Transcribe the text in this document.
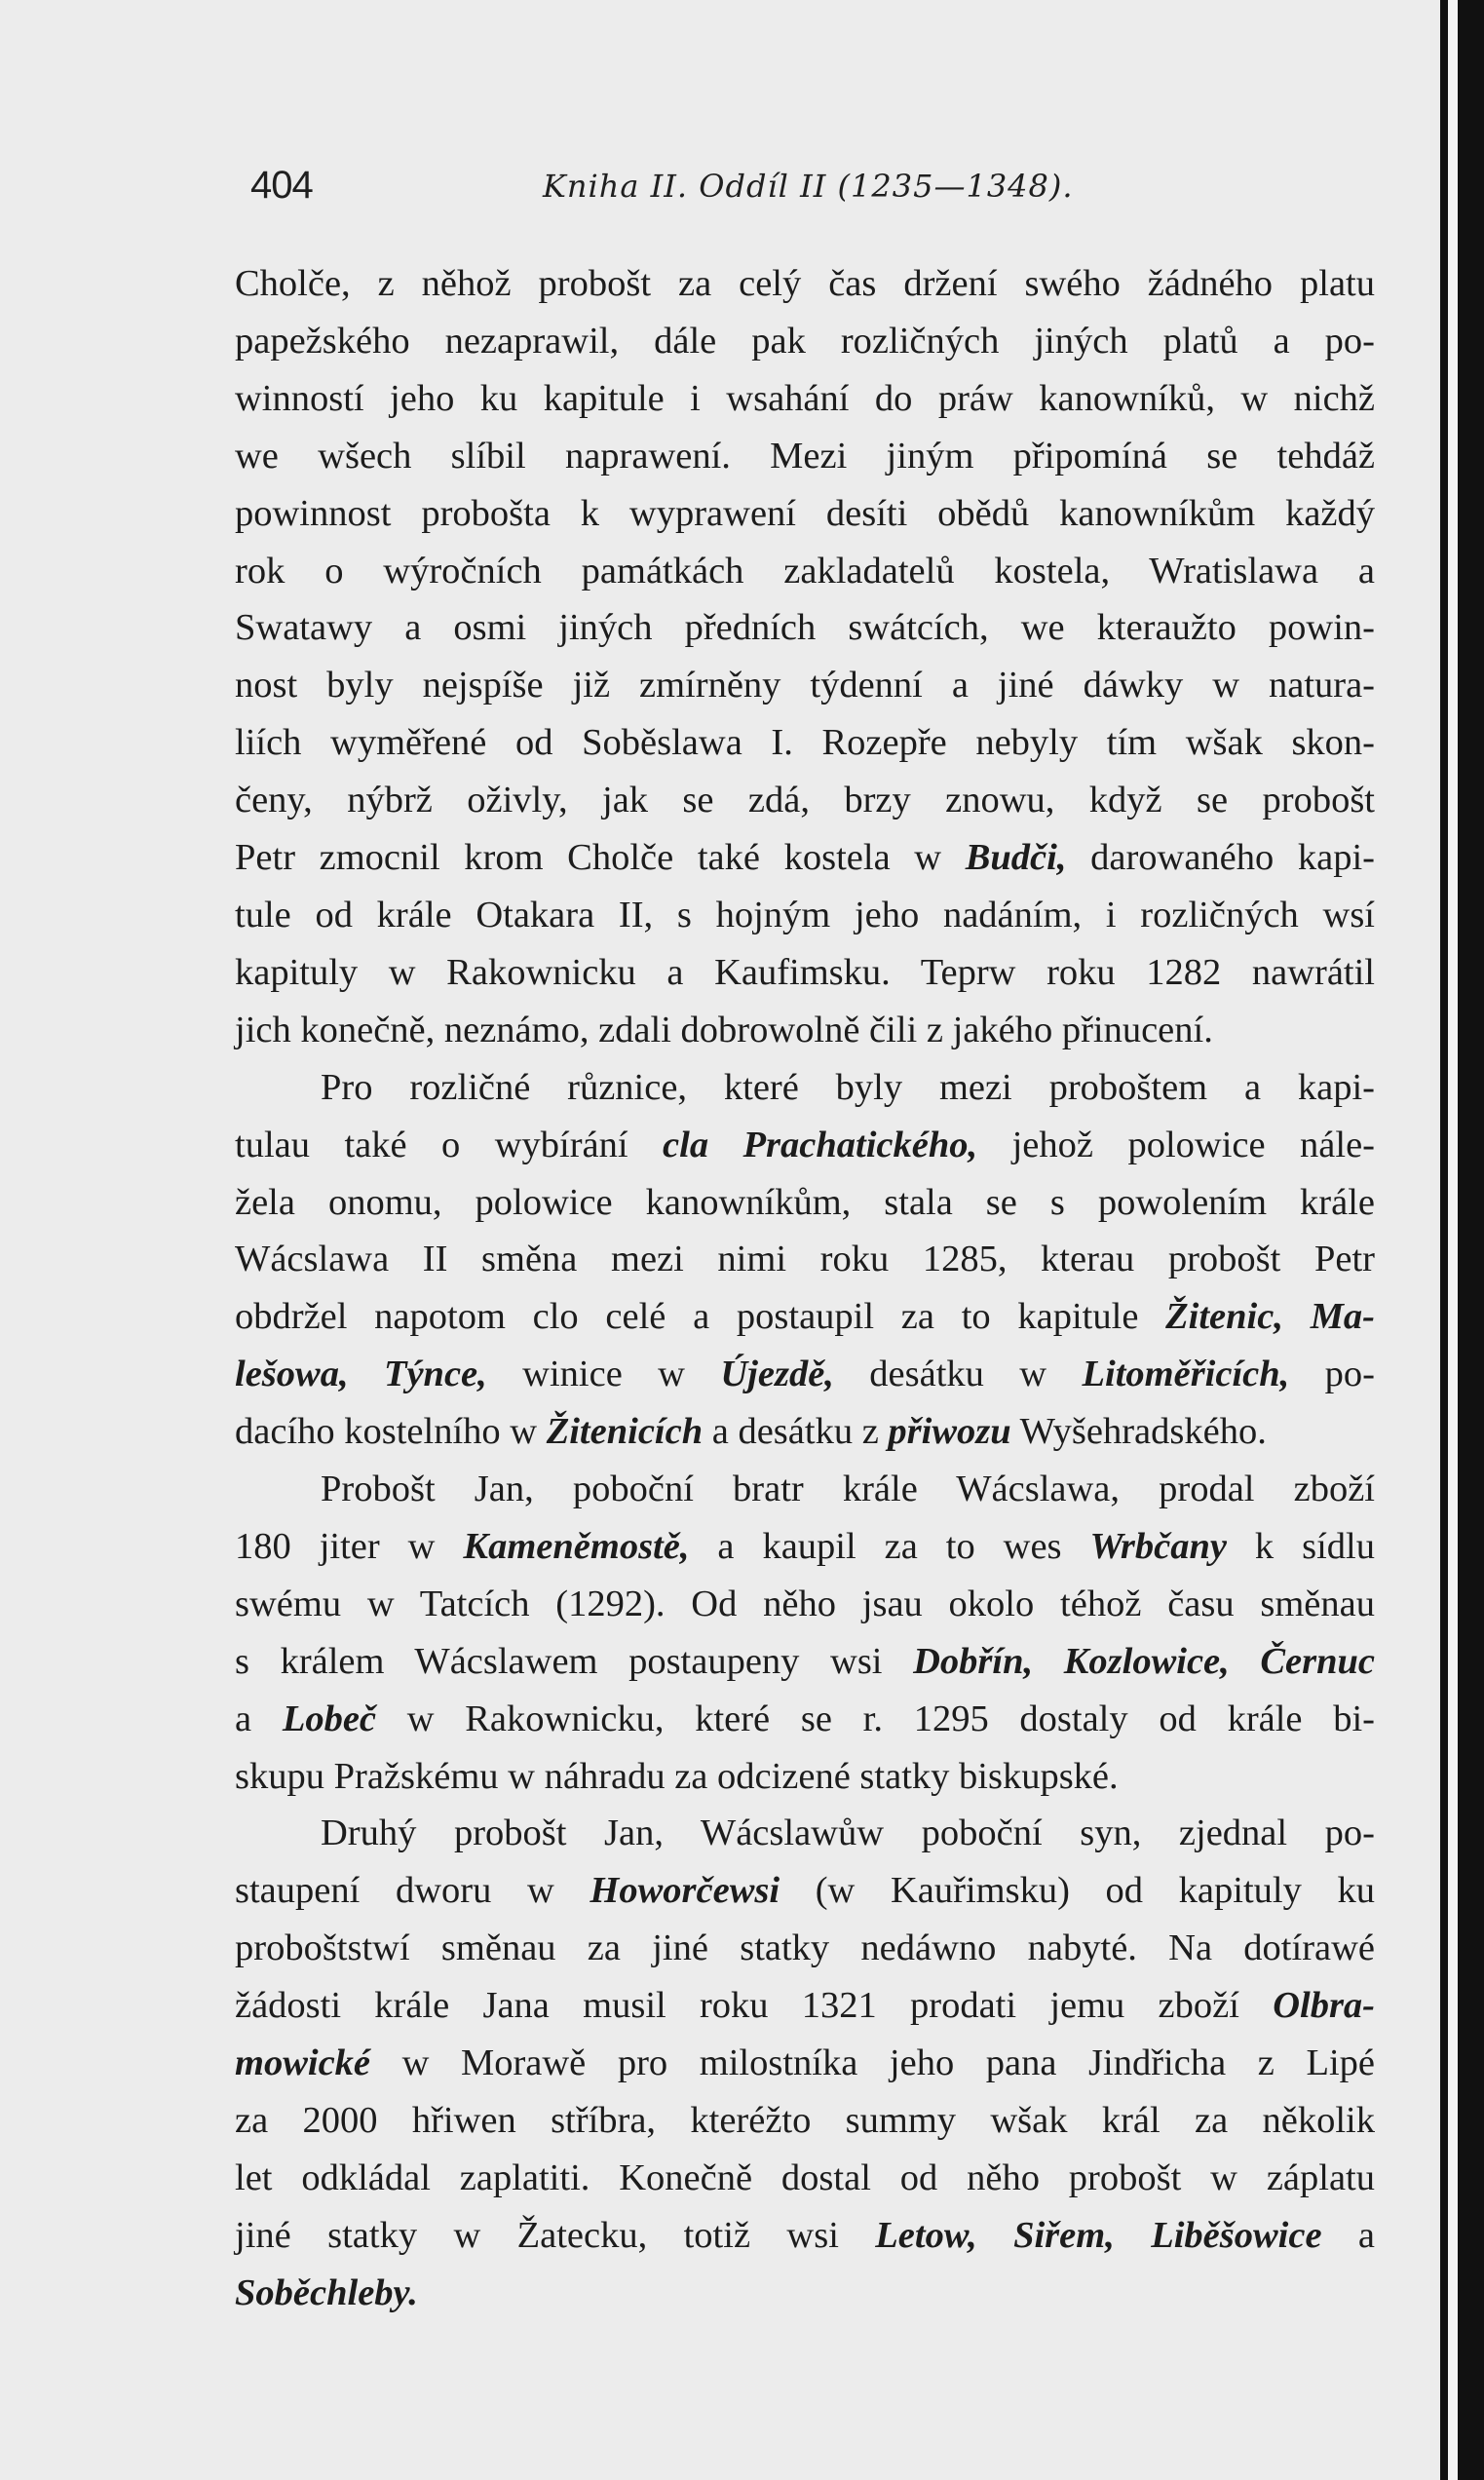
404	Kniha II. Oddíl II (1235—1348).
Cholče, z něhož probošt za celý čas držení swého žádného platu
papežského nezaprawil, dále pak rozličných jiných platů a po-
winností jeho ku kapitule i wsahání do práw kanowníků, w nichž
we wšech slíbil naprawení. Mezi jiným připomíná se tehdáž
powinnost probošta k wyprawení desíti obědů kanowníkům každý
rok o wýročních památkách zakladatelů kostela, Wratislawa a
Swatawy a osmi jiných předních swátcích, we kteraužto powin-
nost byly nejspíše již zmírněny týdenní a jiné dáwky w natura-
liích wyměřené od Soběslawa I. Rozepře nebyly tím wšak skon-
čeny, nýbrž oživly, jak se zdá, brzy znowu, když se probošt
Petr zmocnil krom Cholče také kostela w Budči, darowaného kapi-
tule od krále Otakara II, s hojným jeho nadáním, i rozličných wsí
kapituly w Rakownicku a Kaufimsku. Teprw roku 1282 nawrátil
jich konečně, neznámo, zdali dobrowolně čili z jakého přinucení.
Pro rozličné různice, které byly mezi proboštem a kapi-
tulau také o wybírání cla Prachatického, jehož polowice nále-
žela onomu, polowice kanowníkům, stala se s powolením krále
Wácslawa II směna mezi nimi roku 1285, kterau probošt Petr
obdržel napotom clo celé a postaupil za to kapitule Žitenic, Ma-
lešowa, Týnce, winice w Újezdě, desátku w Litoměřicích, po-
dacího kostelního w Žitenicích a desátku z přiwozu Wyšehradského.
Probošt Jan, poboční bratr krále Wácslawa, prodal zboží
180 jiter w Kameněmostě, a kaupil za to wes Wrbčany k sídlu
swému w Tatcích (1292). Od něho jsau okolo téhož času směnau
s králem Wácslawem postaupeny wsi Dobřín, Kozlowice, Černuc
a Lobeč w Rakownicku, které se r. 1295 dostaly od krále bi-
skupu Pražskému w náhradu za odcizené statky biskupské.
Druhý probošt Jan, Wácslawůw poboční syn, zjednal po-
staupení dworu w Howorčewsi (w Kauřimsku) od kapituly ku
proboštstwí směnau za jiné statky nedáwno nabyté. Na dotírawé
žádosti krále Jana musil roku 1321 prodati jemu zboží Olbra-
mowické w Morawě pro milostníka jeho pana Jindřicha z Lipé
za 2000 hřiwen stříbra, kteréžto summy wšak král za několik
let odkládal zaplatiti. Konečně dostal od něho probošt w záplatu
jiné statky w Žatecku, totiž wsi Letow, Siřem, Liběšowice a
Soběchleby.
